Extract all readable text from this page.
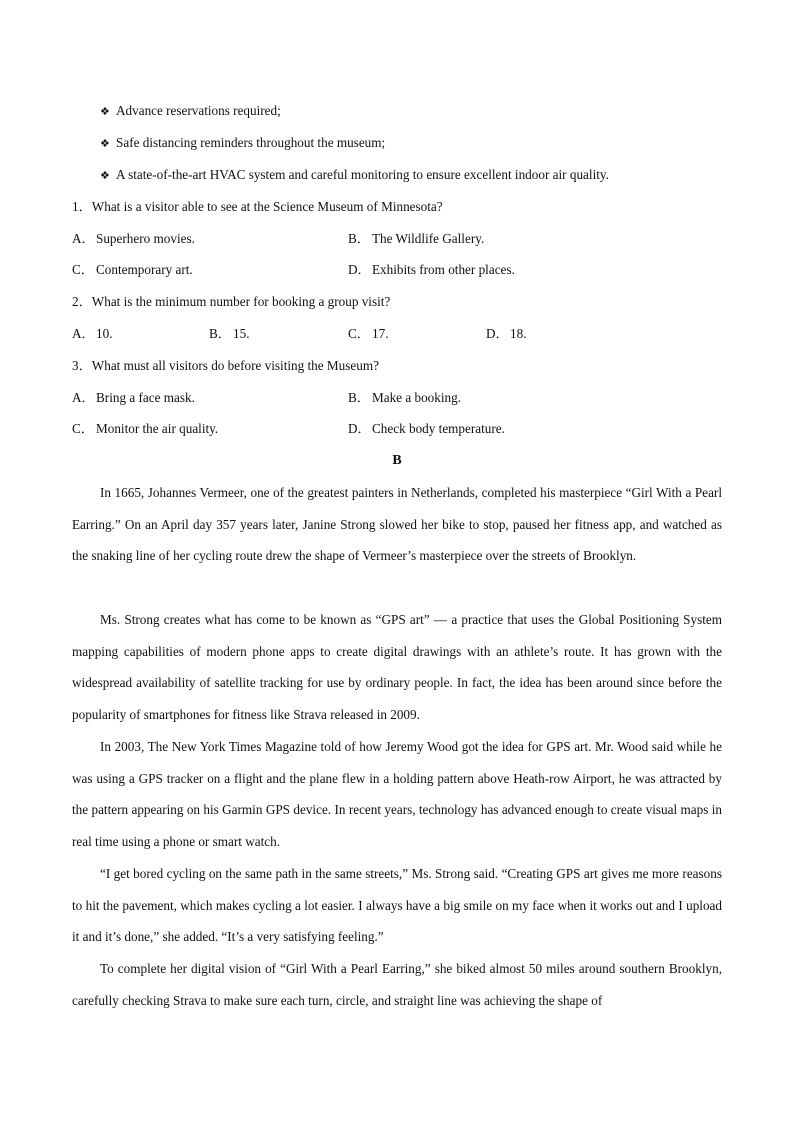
❖ Advance reservations required;
❖ Safe distancing reminders throughout the museum;
❖ A state-of-the-art HVAC system and careful monitoring to ensure excellent indoor air quality.
1．What is a visitor able to see at the Science Museum of Minnesota?
A．Superhero movies.	B． The Wildlife Gallery.
C． Contemporary art.	D．Exhibits from other places.
2．What is the minimum number for booking a group visit?
A．10.	B． 15.	C． 17.	D．18.
3．What must all visitors do before visiting the Museum?
A．Bring a face mask.	B． Make a booking.
C． Monitor the air quality.	D．Check body temperature.
B
In 1665, Johannes Vermeer, one of the greatest painters in Netherlands, completed his masterpiece “Girl With a Pearl Earring.” On an April day 357 years later, Janine Strong slowed her bike to stop, paused her fitness app, and watched as the snaking line of her cycling route drew the shape of Vermeer’s masterpiece over the streets of Brooklyn.
Ms. Strong creates what has come to be known as “GPS art” — a practice that uses the Global Positioning System mapping capabilities of modern phone apps to create digital drawings with an athlete’s route. It has grown with the widespread availability of satellite tracking for use by ordinary people. In fact, the idea has been around since before the popularity of smartphones for fitness like Strava released in 2009.
In 2003, The New York Times Magazine told of how Jeremy Wood got the idea for GPS art. Mr. Wood said while he was using a GPS tracker on a flight and the plane flew in a holding pattern above Heath-row Airport, he was attracted by the pattern appearing on his Garmin GPS device. In recent years, technology has advanced enough to create visual maps in real time using a phone or smart watch.
“I get bored cycling on the same path in the same streets,” Ms. Strong said. “Creating GPS art gives me more reasons to hit the pavement, which makes cycling a lot easier. I always have a big smile on my face when it works out and I upload it and it’s done,” she added. “It’s a very satisfying feeling.”
To complete her digital vision of “Girl With a Pearl Earring,” she biked almost 50 miles around southern Brooklyn, carefully checking Strava to make sure each turn, circle, and straight line was achieving the shape of
